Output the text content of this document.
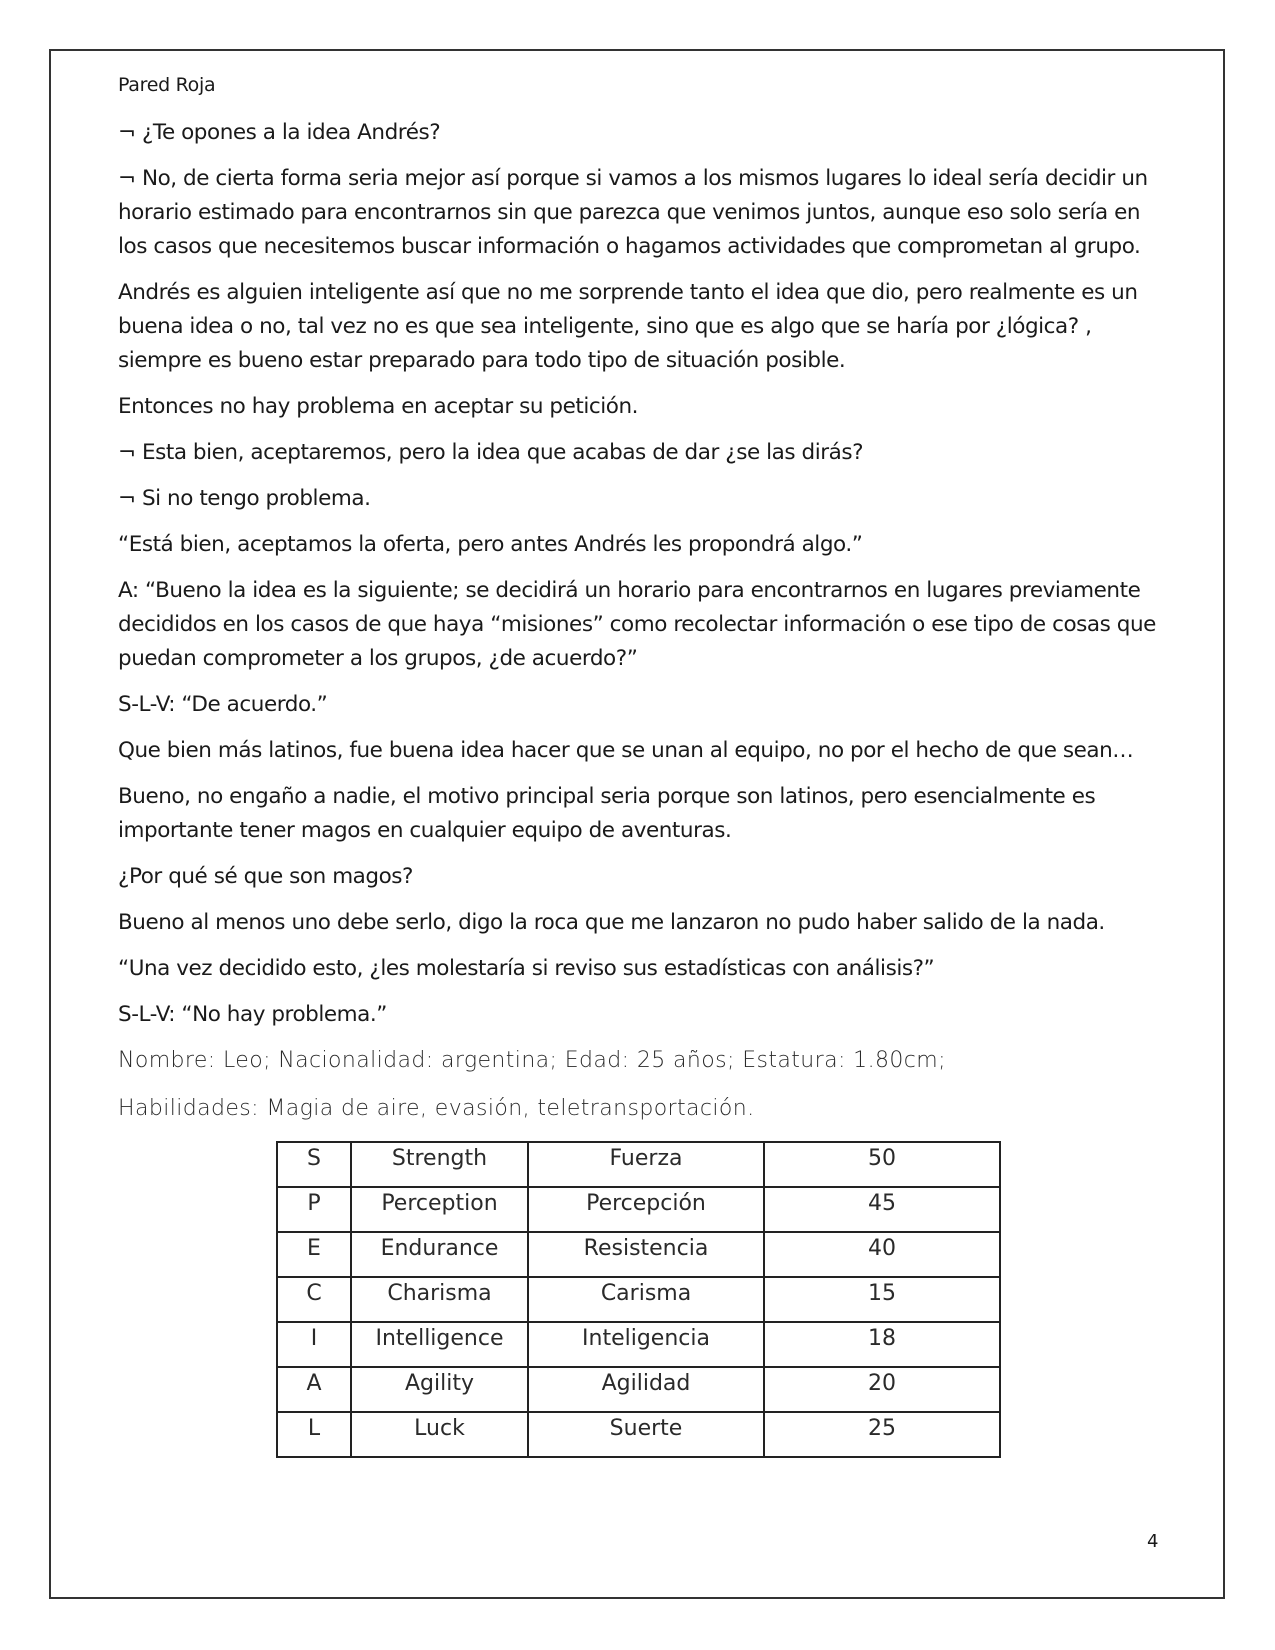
Pared Roja

¬ ¿Te opones a la idea Andrés?

¬ No, de cierta forma seria mejor así porque si vamos a los mismos lugares lo ideal sería decidir un horario estimado para encontrarnos sin que parezca que venimos juntos, aunque eso solo sería en los casos que necesitemos buscar información o hagamos actividades que comprometan al grupo.

Andrés es alguien inteligente así que no me sorprende tanto el idea que dio, pero realmente es un buena idea o no, tal vez no es que sea inteligente, sino que es algo que se haría por ¿lógica? , siempre es bueno estar preparado para todo tipo de situación posible.

Entonces no hay problema en aceptar su petición.

¬ Esta bien, aceptaremos, pero la idea que acabas de dar ¿se las dirás?

¬ Si no tengo problema.

“Está bien, aceptamos la oferta, pero antes Andrés les propondrá algo.”

A: “Bueno la idea es la siguiente; se decidirá un horario para encontrarnos en lugares previamente decididos en los casos de que haya “misiones” como recolectar información o ese tipo de cosas que puedan comprometer a los grupos, ¿de acuerdo?”

S-L-V: “De acuerdo.”

Que bien más latinos, fue buena idea hacer que se unan al equipo, no por el hecho de que sean…

Bueno, no engaño a nadie, el motivo principal seria porque son latinos, pero esencialmente es importante tener magos en cualquier equipo de aventuras.

¿Por qué sé que son magos?

Bueno al menos uno debe serlo, digo la roca que me lanzaron no pudo haber salido de la nada.

“Una vez decidido esto, ¿les molestaría si reviso sus estadísticas con análisis?”

S-L-V: “No hay problema.”

Nombre: Leo; Nacionalidad: argentina; Edad: 25 años; Estatura: 1.80cm;

Habilidades: Magia de aire, evasión, teletransportación.

S	Strength	Fuerza	50
P	Perception	Percepción	45
E	Endurance	Resistencia	40
C	Charisma	Carisma	15
I	Intelligence	Inteligencia	18
A	Agility	Agilidad	20
L	Luck	Suerte	25
4
